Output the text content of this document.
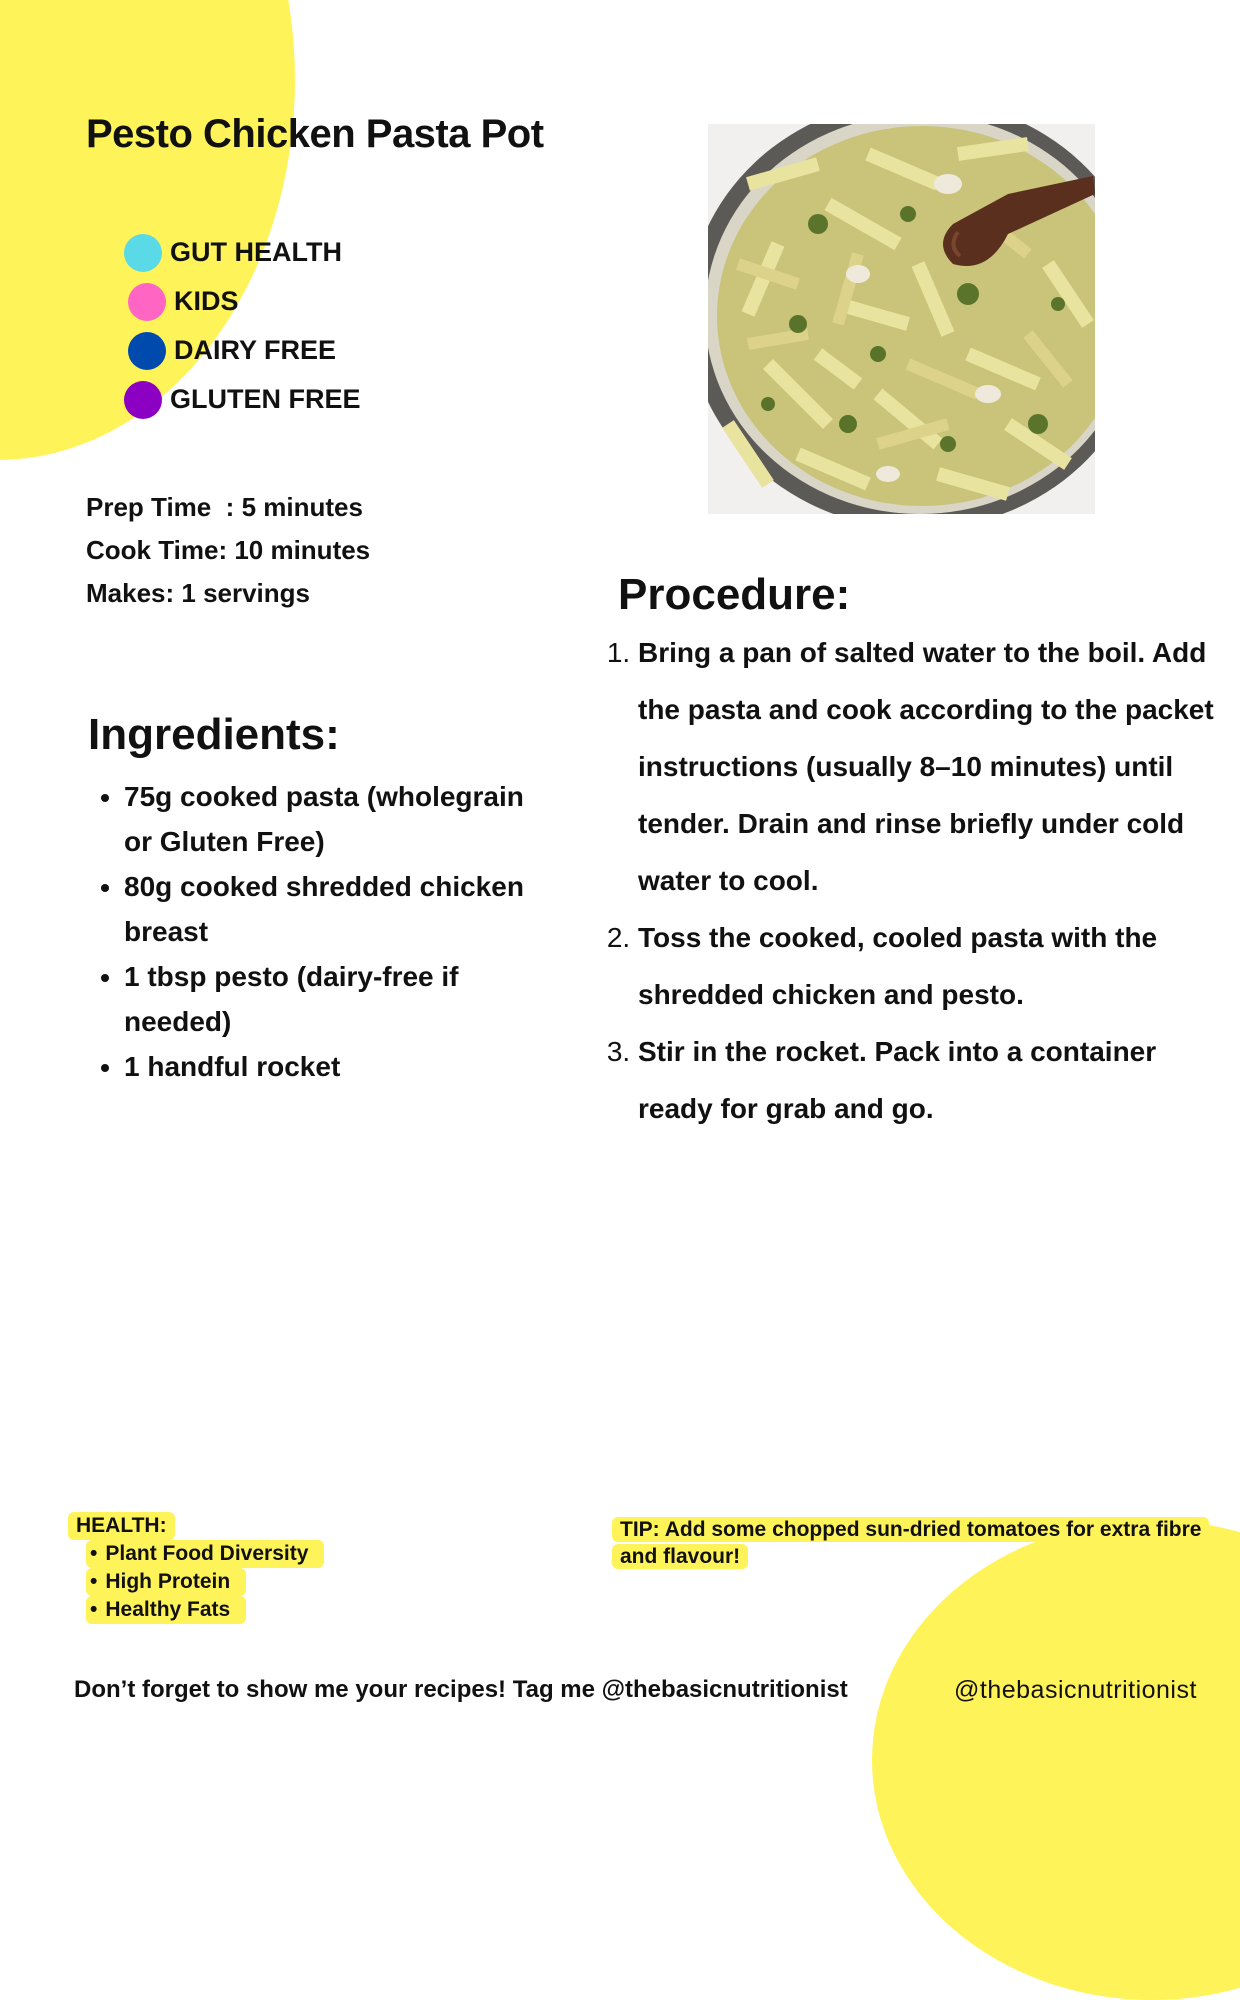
Pesto Chicken Pasta Pot
GUT HEALTH
KIDS
DAIRY FREE
GLUTEN FREE
Prep Time  : 5 minutes
Cook Time: 10 minutes
Makes: 1 servings
Ingredients:
• 75g cooked pasta (wholegrain or Gluten Free)
• 80g cooked shredded chicken breast
• 1 tbsp pesto (dairy-free if needed)
• 1 handful rocket
Procedure:
1. Bring a pan of salted water to the boil. Add the pasta and cook according to the packet instructions (usually 8–10 minutes) until tender. Drain and rinse briefly under cold water to cool.
2. Toss the cooked, cooled pasta with the shredded chicken and pesto.
3. Stir in the rocket. Pack into a container ready for grab and go.
HEALTH:
• Plant Food Diversity
• High Protein
• Healthy Fats
TIP: Add some chopped sun-dried tomatoes for extra fibre and flavour!
Don’t forget to show me your recipes! Tag me @thebasicnutritionist	@thebasicnutritionist
